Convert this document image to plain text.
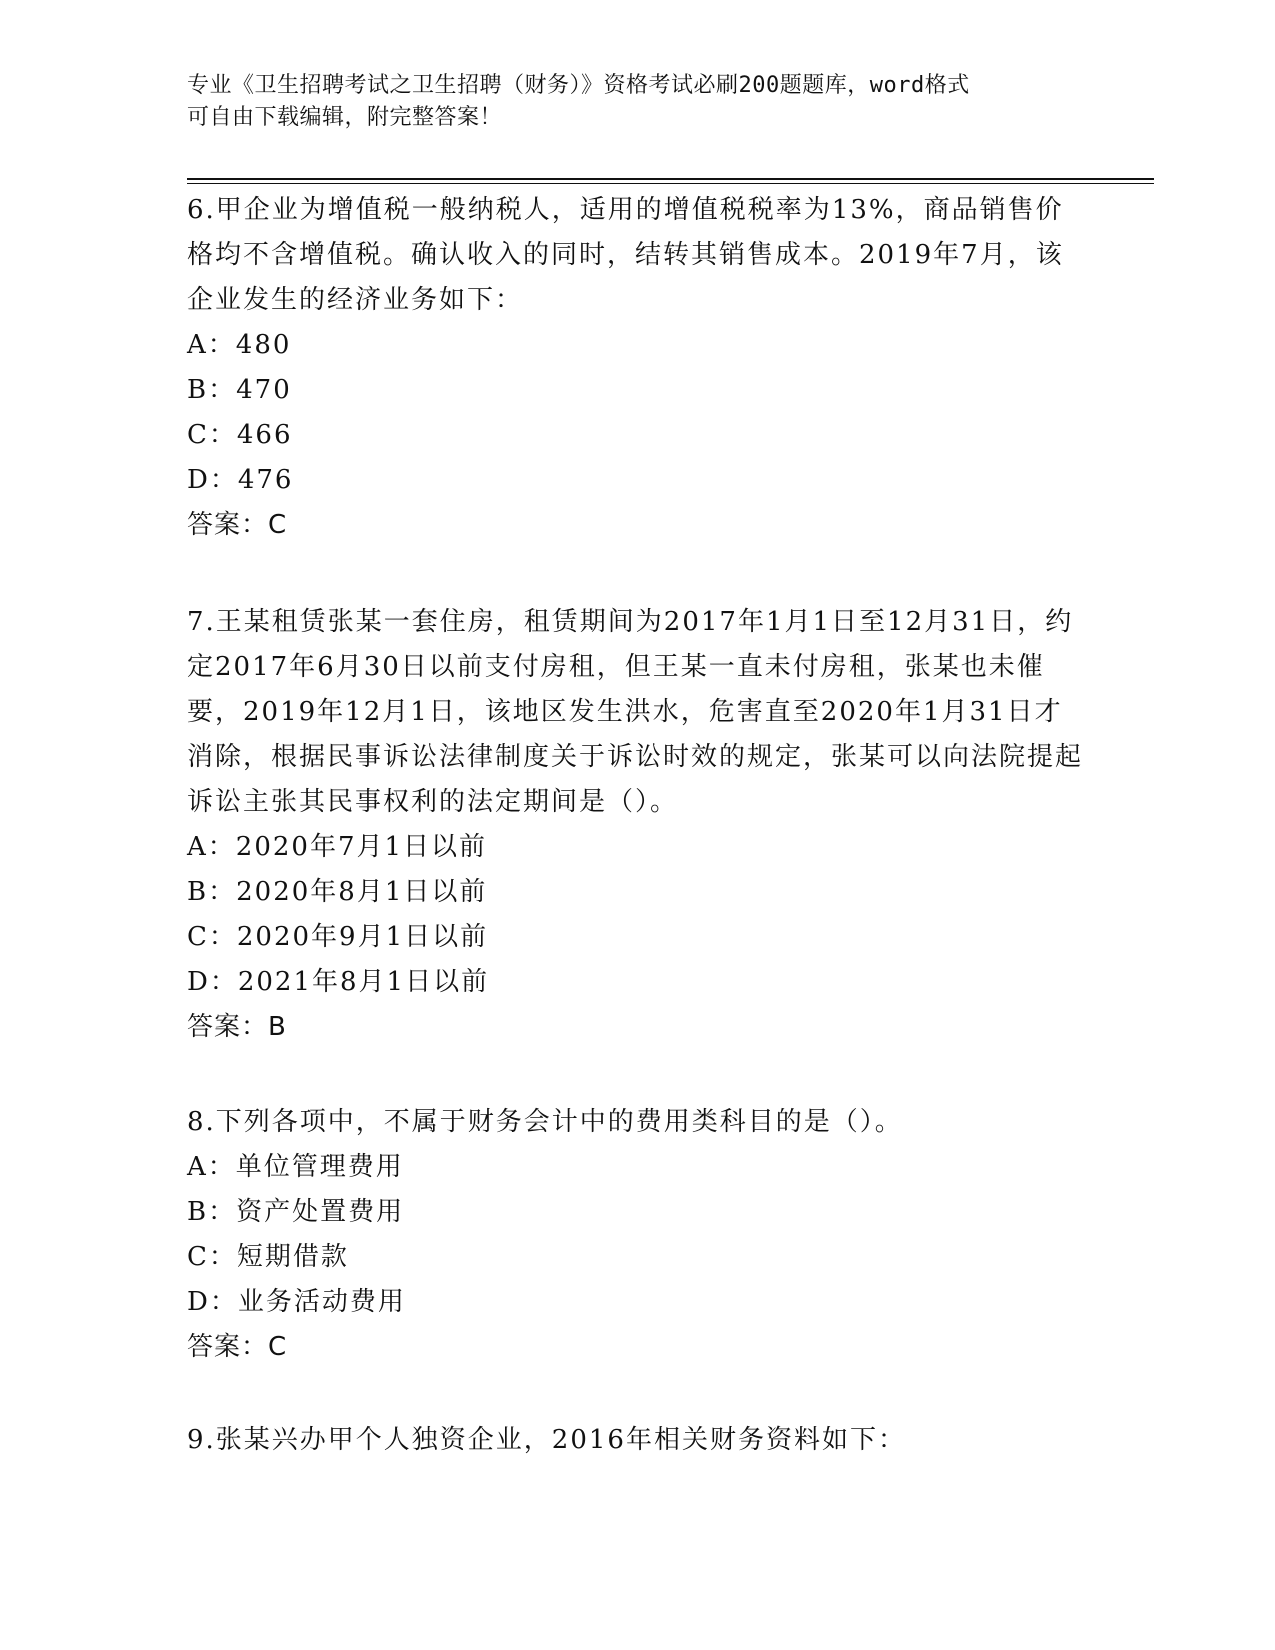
专业《卫生招聘考试之卫生招聘（财务）》资格考试必刷200题题库，word格式
可自由下载编辑，附完整答案！

6.甲企业为增值税一般纳税人，适用的增值税税率为13%，商品销售价格均不含增值税。确认收入的同时，结转其销售成本。2019年7月，该企业发生的经济业务如下：

A：480

B：470

C：466

D：476

答案：C

7.王某租赁张某一套住房，租赁期间为2017年1月1日至12月31日，约定2017年6月30日以前支付房租，但王某一直未付房租，张某也未催要，2019年12月1日，该地区发生洪水，危害直至2020年1月31日才消除，根据民事诉讼法律制度关于诉讼时效的规定，张某可以向法院提起诉讼主张其民事权利的法定期间是（）。

A：2020年7月1日以前

B：2020年8月1日以前

C：2020年9月1日以前

D：2021年8月1日以前

答案：B

8.下列各项中，不属于财务会计中的费用类科目的是（）。

A：单位管理费用

B：资产处置费用

C：短期借款

D：业务活动费用

答案：C

9.张某兴办甲个人独资企业，2016年相关财务资料如下：
